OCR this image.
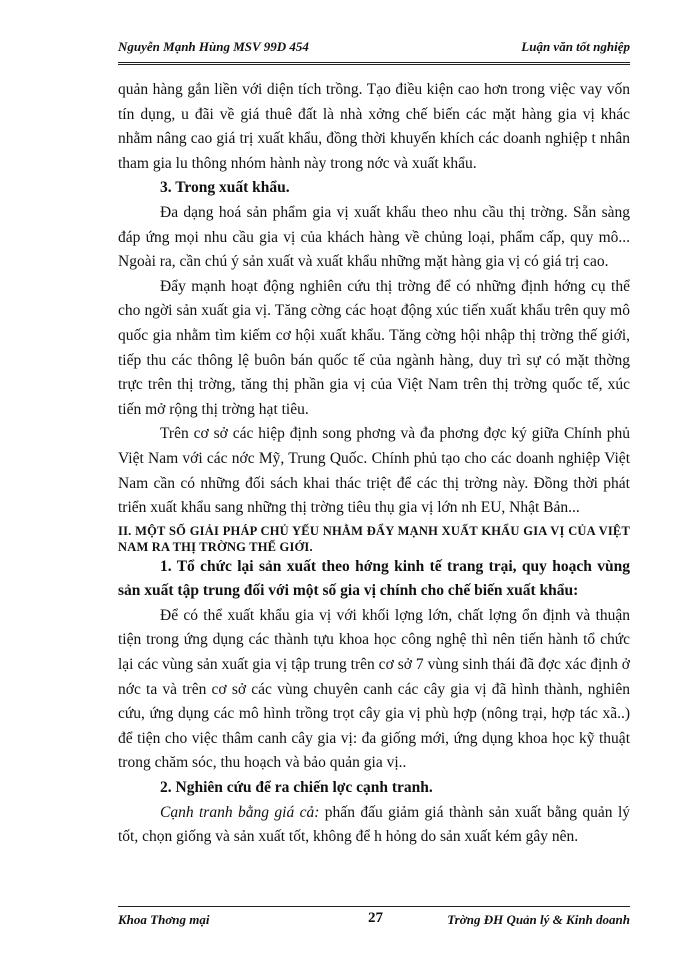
Nguyễn Mạnh Hùng MSV 99D 454	Luận văn tốt nghiệp

quản hàng gắn liền với diện tích trồng. Tạo điều kiện cao hơn trong việc vay vốn tín dụng, u đãi về giá thuê đất là nhà xởng chế biến các mặt hàng gia vị khác nhằm nâng cao giá trị xuất khẩu, đồng thời khuyến khích các doanh nghiệp t nhân tham gia lu thông nhóm hành này trong nớc và xuất khẩu.

3. Trong xuất khẩu.

Đa dạng hoá sản phẩm gia vị xuất khẩu theo nhu cầu thị trờng. Sẵn sàng đáp ứng mọi nhu cầu gia vị của khách hàng về chủng loại, phẩm cấp, quy mô... Ngoài ra, cần chú ý sản xuất và xuất khẩu những mặt hàng gia vị có giá trị cao.

Đẩy mạnh hoạt động nghiên cứu thị trờng để có những định hớng cụ thể cho ngời sản xuất gia vị. Tăng cờng các hoạt động xúc tiến xuất khẩu trên quy mô quốc gia nhằm tìm kiếm cơ hội xuất khẩu. Tăng cờng hội nhập thị trờng thế giới, tiếp thu các thông lệ buôn bán quốc tế của ngành hàng, duy trì sự có mặt thờng trực trên thị trờng, tăng thị phần gia vị của Việt Nam trên thị trờng quốc tế, xúc tiến mở rộng thị trờng hạt tiêu.

Trên cơ sở các hiệp định song phơng và đa phơng đợc ký giữa Chính phủ Việt Nam với các nớc Mỹ, Trung Quốc. Chính phủ tạo cho các doanh nghiệp Việt Nam cần có những đối sách khai thác triệt để các thị trờng này. Đồng thời phát triển xuất khẩu sang những thị trờng tiêu thụ gia vị lớn nh EU, Nhật Bản...

II. MỘT SỐ GIẢI PHÁP CHỦ YẾU NHẰM ĐẨY MẠNH XUẤT KHẨU GIA VỊ CỦA VIỆT NAM RA THỊ TRỜNG THẾ GIỚI.

1. Tổ chức lại sản xuất theo hớng kinh tế trang trại, quy hoạch vùng sản xuất tập trung đối với một số gia vị chính cho chế biến xuất khẩu:

Để có thể xuất khẩu gia vị với khối lợng lớn, chất lợng ổn định và thuận tiện trong ứng dụng các thành tựu khoa học công nghệ thì nên tiến hành tổ chức lại các vùng sản xuất gia vị tập trung trên cơ sở 7 vùng sinh thái đã đợc xác định ở nớc ta và trên cơ sở các vùng chuyên canh các cây gia vị đã hình thành, nghiên cứu, ứng dụng các mô hình trồng trọt cây gia vị phù hợp (nông trại, hợp tác xã..) để tiện cho việc thâm canh cây gia vị: đa giống mới, ứng dụng khoa học kỹ thuật trong chăm sóc, thu hoạch và bảo quản gia vị..

2. Nghiên cứu để ra chiến lợc cạnh tranh.

Cạnh tranh bằng giá cả: phấn đấu giảm giá thành sản xuất bằng quản lý tốt, chọn giống và sản xuất tốt, không để h hỏng do sản xuất kém gây nên.

Khoa Thơng mại	27	Trờng ĐH Quản lý & Kinh doanh
